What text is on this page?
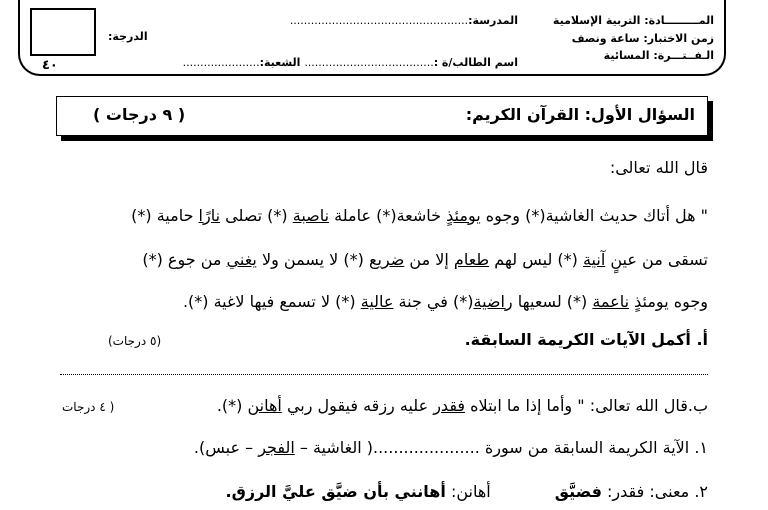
٤٠
المـــــــــادة: التربية الإسلامية
المدرسة:...................................................
زمن الاختبار: ساعة ونصف
الدرجة:
الـفــتـــرة: المسائية
اسم الطالب/ة :..................................... الشعبة:......................
السؤال الأول: القرآن الكريم:
( ٩ درجات )
قال الله تعالى:
" هل أتاك حديث الغاشية(*) وجوه يومئذٍ خاشعة(*) عاملة ناصبة (*) تصلى نارًا حامية (*)
تسقى من عينٍ آنية (*) ليس لهم طعام إلا من ضريع (*) لا يسمن ولا يغني من جوع (*)
وجوه يومئذٍ ناعمة (*) لسعيها راضية(*) في جنة عالية (*) لا تسمع فيها لاغية (*).
أ. أكمل الآيات الكريمة السابقة.
(٥ درجات)
ب.قال الله تعالى: " وأما إذا ما ابتلاه فقدر عليه رزقه فيقول ربي أهانن (*).
( ٤ درجات
١. الآية الكريمة السابقة من سورة .....................( الغاشية – الفجر – عبس).
٢. معنى: فقدر: فضيَّقأهانن: أهانني بأن ضيَّق عليَّ الرزق.
